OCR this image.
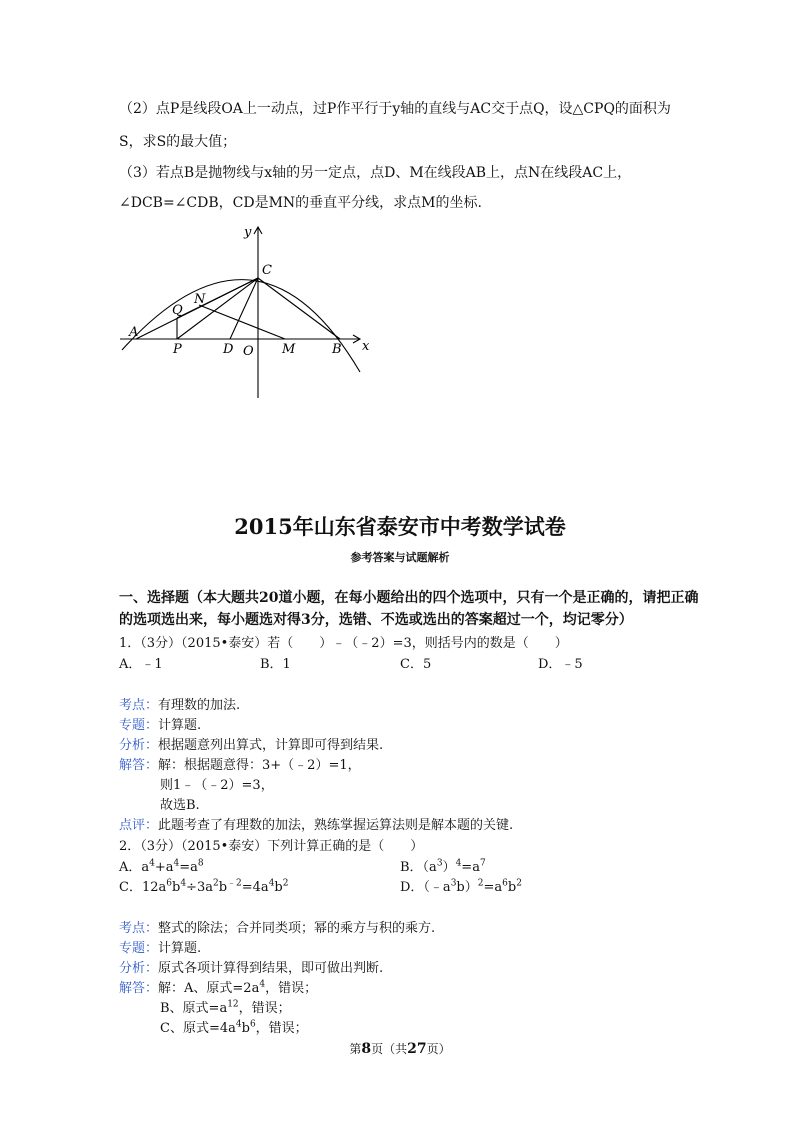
（2）点P是线段OA上一动点，过P作平行于y轴的直线与AC交于点Q，设△CPQ的面积为
S，求S的最大值；
（3）若点B是抛物线与x轴的另一定点，点D、M在线段AB上，点N在线段AC上，
∠DCB=∠CDB，CD是MN的垂直平分线，求点M的坐标.
y
x
C
Q
N
A
P	D O M	B
2015年山东省泰安市中考数学试卷
参考答案与试题解析
一、选择题（本大题共20道小题，在每小题给出的四个选项中，只有一个是正确的，请把正确
的选项选出来，每小题选对得3分，选错、不选或选出的答案超过一个，均记零分）
1．（3分）（2015•泰安）若（　　）﹣（﹣2）=3，则括号内的数是（　　）
A．﹣1	B．1	C．5	D．﹣5
考点：有理数的加法.
专题：计算题.
分析：根据题意列出算式，计算即可得到结果.
解答：解：根据题意得：3+（﹣2）=1，
则1﹣（﹣2）=3，
故选B.
点评：此题考查了有理数的加法，熟练掌握运算法则是解本题的关键.
2．（3分）（2015•泰安）下列计算正确的是（　　）
A．$a^4+a^4=a^8$	B．$(a^3)^4=a^7$
C．$12a^6b^4\div 3a^2b^{﹣2}=4a^4b^2$	D．$(﹣a^3b)^2=a^6b^2$
考点：整式的除法；合并同类项；幂的乘方与积的乘方.
专题：计算题.
分析：原式各项计算得到结果，即可做出判断.
解答：解：A、原式$=2a^4$，错误；
B、原式$=a^{12}$，错误；
C、原式$=4a^4b^6$，错误；
第8页（共27页）
